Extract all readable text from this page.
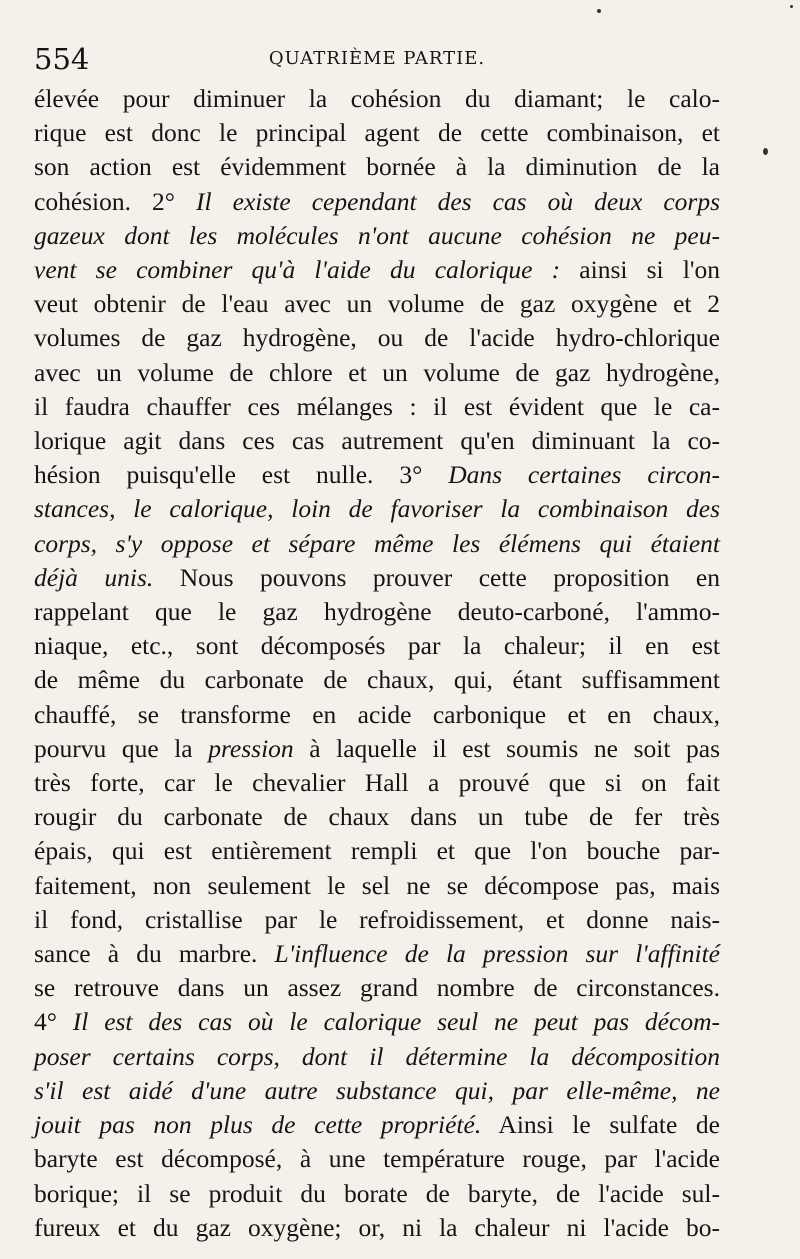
554	QUATRIÈME PARTIE.
élevée pour diminuer la cohésion du diamant; le calo-
rique est donc le principal agent de cette combinaison, et
son action est évidemment bornée à la diminution de la
cohésion. 2° Il existe cependant des cas où deux corps
gazeux dont les molécules n'ont aucune cohésion ne peu-
vent se combiner qu'à l'aide du calorique : ainsi si l'on
veut obtenir de l'eau avec un volume de gaz oxygène et 2
volumes de gaz hydrogène, ou de l'acide hydro-chlorique
avec un volume de chlore et un volume de gaz hydrogène,
il faudra chauffer ces mélanges : il est évident que le ca-
lorique agit dans ces cas autrement qu'en diminuant la co-
hésion puisqu'elle est nulle. 3° Dans certaines circon-
stances, le calorique, loin de favoriser la combinaison des
corps, s'y oppose et sépare même les élémens qui étaient
déjà unis. Nous pouvons prouver cette proposition en
rappelant que le gaz hydrogène deuto-carboné, l'ammo-
niaque, etc., sont décomposés par la chaleur; il en est
de même du carbonate de chaux, qui, étant suffisamment
chauffé, se transforme en acide carbonique et en chaux,
pourvu que la pression à laquelle il est soumis ne soit pas
très forte, car le chevalier Hall a prouvé que si on fait
rougir du carbonate de chaux dans un tube de fer très
épais, qui est entièrement rempli et que l'on bouche par-
faitement, non seulement le sel ne se décompose pas, mais
il fond, cristallise par le refroidissement, et donne nais-
sance à du marbre. L'influence de la pression sur l'affinité
se retrouve dans un assez grand nombre de circonstances.
4° Il est des cas où le calorique seul ne peut pas décom-
poser certains corps, dont il détermine la décomposition
s'il est aidé d'une autre substance qui, par elle-même, ne
jouit pas non plus de cette propriété. Ainsi le sulfate de
baryte est décomposé, à une température rouge, par l'acide
borique; il se produit du borate de baryte, de l'acide sul-
fureux et du gaz oxygène; or, ni la chaleur ni l'acide bo-
